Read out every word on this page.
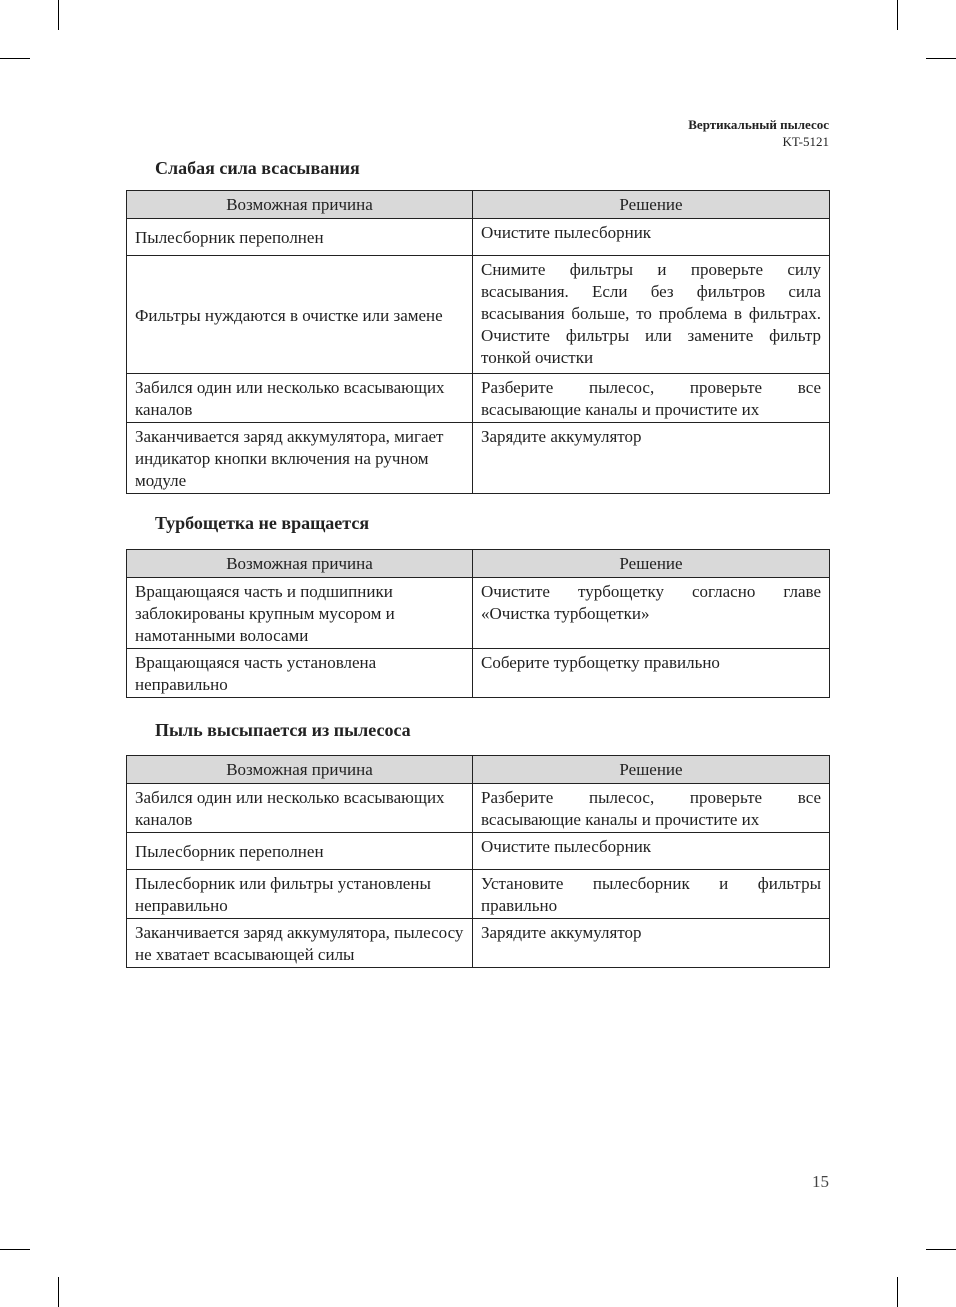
Вертикальный пылесос
KT-5121
Слабая сила всасывания
Возможная причина	Решение
Пылесборник переполнен	Очистите пылесборник
Фильтры нуждаются в очистке или замене	Снимите фильтры и проверьте силу всасывания. Если без фильтров сила всасывания больше, то проблема в фильтрах. Очистите фильтры или замените фильтр тонкой очистки
Забился один или несколько всасывающих каналов	Разберите пылесос, проверьте все всасывающие каналы и прочистите их
Заканчивается заряд аккумулятора, мигает индикатор кнопки включения на ручном модуле	Зарядите аккумулятор
Турбощетка не вращается
Возможная причина	Решение
Вращающаяся часть и подшипники заблокированы крупным мусором и намотанными волосами	Очистите турбощетку согласно главе «Очистка турбощетки»
Вращающаяся часть установлена неправильно	Соберите турбощетку правильно
Пыль высыпается из пылесоса
Возможная причина	Решение
Забился один или несколько всасывающих каналов	Разберите пылесос, проверьте все всасывающие каналы и прочистите их
Пылесборник переполнен	Очистите пылесборник
Пылесборник или фильтры установлены неправильно	Установите пылесборник и фильтры правильно
Заканчивается заряд аккумулятора, пылесосу не хватает всасывающей силы	Зарядите аккумулятор
15
